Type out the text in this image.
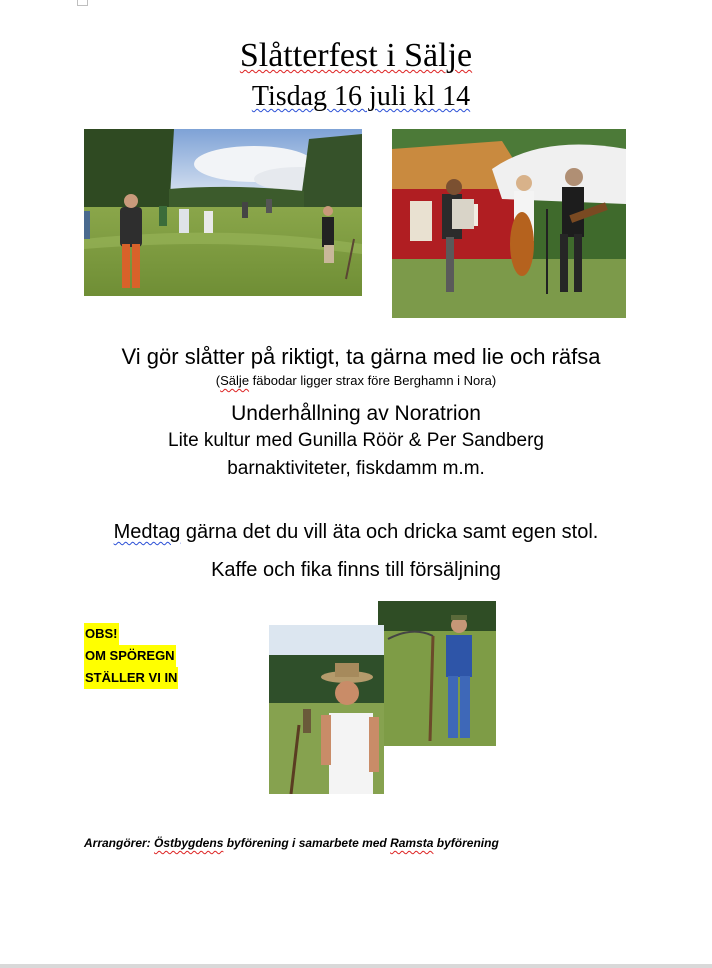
Slåtterfest i Sälje
Tisdag 16 juli kl 14
Vi gör slåtter på riktigt, ta gärna med lie och räfsa
(Sälje fäbodar ligger strax före Berghamn i Nora)
Underhållning av Noratrion
Lite kultur med Gunilla Röör & Per Sandberg
barnaktiviteter, fiskdamm m.m.
Medtag gärna det du vill äta och dricka samt egen stol.
Kaffe och fika finns till försäljning
OBS!
OM SPÖREGN
STÄLLER VI IN
Arrangörer: Östbygdens byförening i samarbete med Ramsta byförening
